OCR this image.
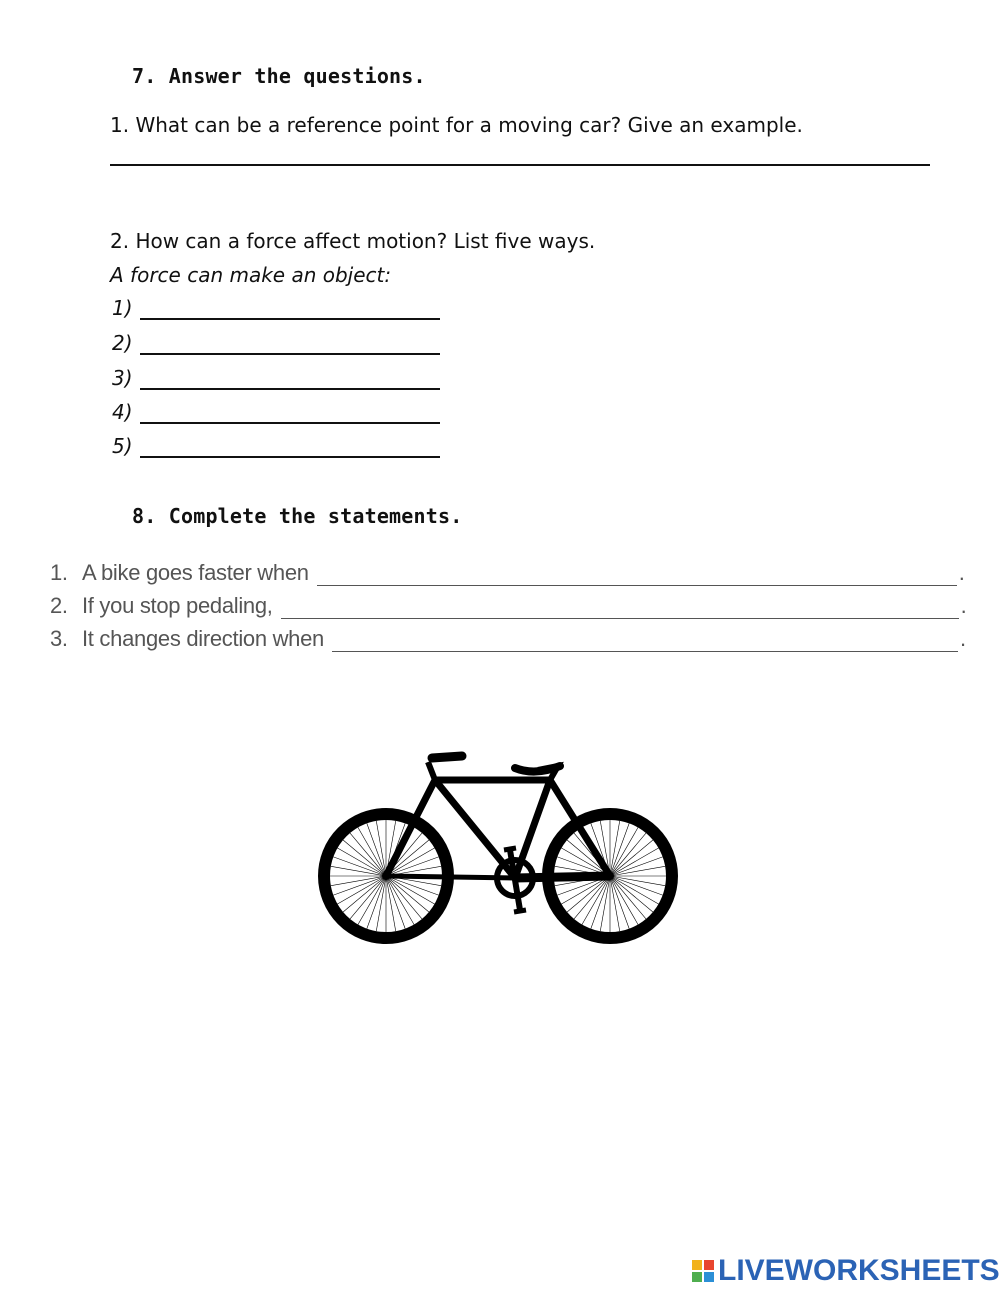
7. Answer the questions.
1. What can be a reference point for a moving car? Give an example.
2. How can a force affect motion? List five ways.
A force can make an object:
1)
2)
3)
4)
5)
8. Complete the statements.
1. A bike goes faster when	.
2. If you stop pedaling,	.
3. It changes direction when	.
LIVEWORKSHEETS
